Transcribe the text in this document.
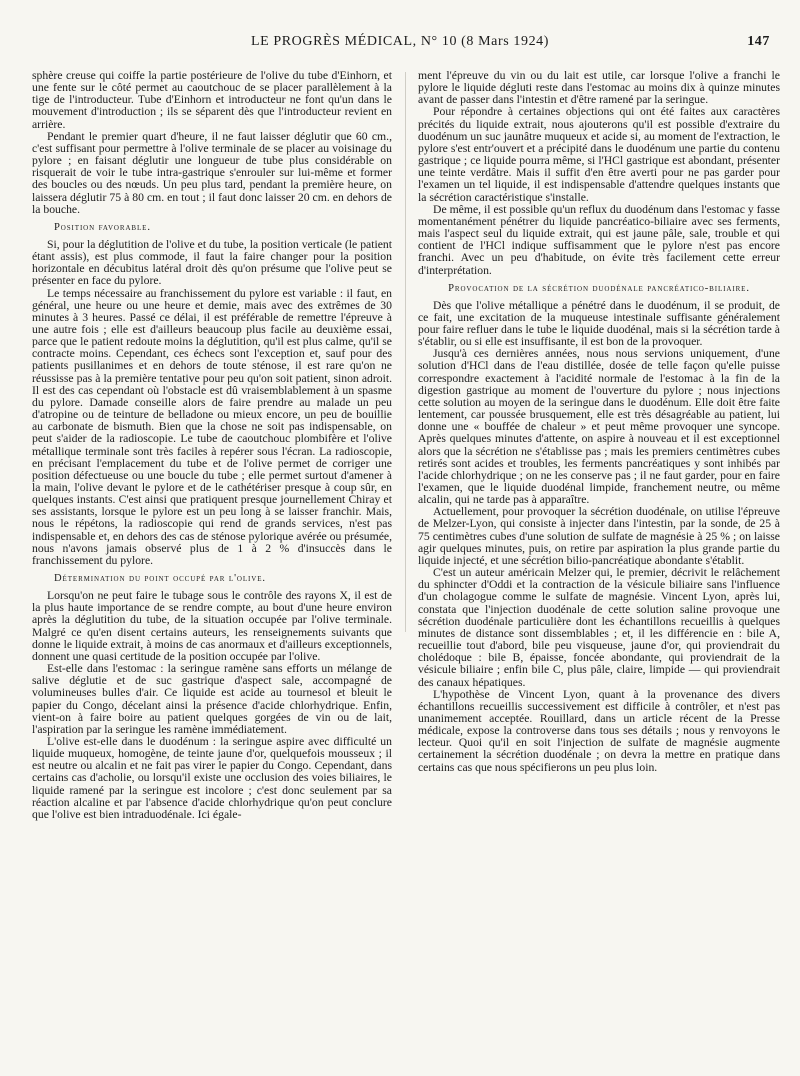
LE PROGRÈS MÉDICAL, N° 10 (8 Mars 1924)	147

sphère creuse qui coiffe la partie postérieure de l'olive du tube d'Einhorn, et une fente sur le côté permet au caoutchouc de se placer parallèlement à la tige de l'introducteur. Tube d'Einhorn et introducteur ne font qu'un dans le mouvement d'introduction ; ils se séparent dès que l'introducteur revient en arrière.

Pendant le premier quart d'heure, il ne faut laisser déglutir que 60 cm., c'est suffisant pour permettre à l'olive terminale de se placer au voisinage du pylore ; en faisant déglutir une longueur de tube plus considérable on risquerait de voir le tube intra-gastrique s'enrouler sur lui-même et former des boucles ou des nœuds. Un peu plus tard, pendant la première heure, on laissera déglutir 75 à 80 cm. en tout ; il faut donc laisser 20 cm. en dehors de la bouche.

Position favorable.

Si, pour la déglutition de l'olive et du tube, la position verticale (le patient étant assis), est plus commode, il faut la faire changer pour la position horizontale en décubitus latéral droit dès qu'on présume que l'olive peut se présenter en face du pylore.

Le temps nécessaire au franchissement du pylore est variable : il faut, en général, une heure ou une heure et demie, mais avec des extrêmes de 30 minutes à 3 heures. Passé ce délai, il est préférable de remettre l'épreuve à une autre fois ; elle est d'ailleurs beaucoup plus facile au deuxième essai, parce que le patient redoute moins la déglutition, qu'il est plus calme, qu'il se contracte moins. Cependant, ces échecs sont l'exception et, sauf pour des patients pusillanimes et en dehors de toute sténose, il est rare qu'on ne réussisse pas à la première tentative pour peu qu'on soit patient, sinon adroit. Il est des cas cependant où l'obstacle est dû vraisemblablement à un spasme du pylore. Damade conseille alors de faire prendre au malade un peu d'atropine ou de teinture de belladone ou mieux encore, un peu de bouillie au carbonate de bismuth. Bien que la chose ne soit pas indispensable, on peut s'aider de la radioscopie. Le tube de caoutchouc plombifère et l'olive métallique terminale sont très faciles à repérer sous l'écran. La radioscopie, en précisant l'emplacement du tube et de l'olive permet de corriger une position défectueuse ou une boucle du tube ; elle permet surtout d'amener à la main, l'olive devant le pylore et de le cathétériser presque à coup sûr, en quelques instants. C'est ainsi que pratiquent presque journellement Chiray et ses assistants, lorsque le pylore est un peu long à se laisser franchir. Mais, nous le répétons, la radioscopie qui rend de grands services, n'est pas indispensable et, en dehors des cas de sténose pylorique avérée ou présumée, nous n'avons jamais observé plus de 1 à 2 % d'insuccès dans le franchissement du pylore.

Détermination du point occupé par l'olive.

Lorsqu'on ne peut faire le tubage sous le contrôle des rayons X, il est de la plus haute importance de se rendre compte, au bout d'une heure environ après la déglutition du tube, de la situation occupée par l'olive terminale. Malgré ce qu'en disent certains auteurs, les renseignements suivants que donne le liquide extrait, à moins de cas anormaux et d'ailleurs exceptionnels, donnent une quasi certitude de la position occupée par l'olive.

Est-elle dans l'estomac : la seringue ramène sans efforts un mélange de salive déglutie et de suc gastrique d'aspect sale, accompagné de volumineuses bulles d'air. Ce liquide est acide au tournesol et bleuit le papier du Congo, décelant ainsi la présence d'acide chlorhydrique. Enfin, vient-on à faire boire au patient quelques gorgées de vin ou de lait, l'aspiration par la seringue les ramène immédiatement.

L'olive est-elle dans le duodénum : la seringue aspire avec difficulté un liquide muqueux, homogène, de teinte jaune d'or, quelquefois mousseux ; il est neutre ou alcalin et ne fait pas virer le papier du Congo. Cependant, dans certains cas d'acholie, ou lorsqu'il existe une occlusion des voies biliaires, le liquide ramené par la seringue est incolore ; c'est donc seulement par sa réaction alcaline et par l'absence d'acide chlorhydrique qu'on peut conclure que l'olive est bien intraduodénale. Ici égale-

ment l'épreuve du vin ou du lait est utile, car lorsque l'olive a franchi le pylore le liquide dégluti reste dans l'estomac au moins dix à quinze minutes avant de passer dans l'intestin et d'être ramené par la seringue.

Pour répondre à certaines objections qui ont été faites aux caractères précités du liquide extrait, nous ajouterons qu'il est possible d'extraire du duodénum un suc jaunâtre muqueux et acide si, au moment de l'extraction, le pylore s'est entr'ouvert et a précipité dans le duodénum une partie du contenu gastrique ; ce liquide pourra même, si l'HCl gastrique est abondant, présenter une teinte verdâtre. Mais il suffit d'en être averti pour ne pas garder pour l'examen un tel liquide, il est indispensable d'attendre quelques instants que la sécrétion caractéristique s'installe.

De même, il est possible qu'un reflux du duodénum dans l'estomac y fasse momentanément pénétrer du liquide pancréatico-biliaire avec ses ferments, mais l'aspect seul du liquide extrait, qui est jaune pâle, sale, trouble et qui contient de l'HCl indique suffisamment que le pylore n'est pas encore franchi. Avec un peu d'habitude, on évite très facilement cette erreur d'interprétation.

Provocation de la sécrétion duodénale pancréatico-biliaire.

Dès que l'olive métallique a pénétré dans le duodénum, il se produit, de ce fait, une excitation de la muqueuse intestinale suffisante généralement pour faire refluer dans le tube le liquide duodénal, mais si la sécrétion tarde à s'établir, ou si elle est insuffisante, il est bon de la provoquer.

Jusqu'à ces dernières années, nous nous servions uniquement, d'une solution d'HCl dans de l'eau distillée, dosée de telle façon qu'elle puisse correspondre exactement à l'acidité normale de l'estomac à la fin de la digestion gastrique au moment de l'ouverture du pylore ; nous injections cette solution au moyen de la seringue dans le duodénum. Elle doit être faite lentement, car poussée brusquement, elle est très désagréable au patient, lui donne une « bouffée de chaleur » et peut même provoquer une syncope. Après quelques minutes d'attente, on aspire à nouveau et il est exceptionnel alors que la sécrétion ne s'établisse pas ; mais les premiers centimètres cubes retirés sont acides et troubles, les ferments pancréatiques y sont inhibés par l'acide chlorhydrique ; on ne les conserve pas ; il ne faut garder, pour en faire l'examen, que le liquide duodénal limpide, franchement neutre, ou même alcalin, qui ne tarde pas à apparaître.

Actuellement, pour provoquer la sécrétion duodénale, on utilise l'épreuve de Melzer-Lyon, qui consiste à injecter dans l'intestin, par la sonde, de 25 à 75 centimètres cubes d'une solution de sulfate de magnésie à 25 % ; on laisse agir quelques minutes, puis, on retire par aspiration la plus grande partie du liquide injecté, et une sécrétion bilio-pancréatique abondante s'établit.

C'est un auteur américain Melzer qui, le premier, décrivit le relâchement du sphincter d'Oddi et la contraction de la vésicule biliaire sans l'influence d'un cholagogue comme le sulfate de magnésie. Vincent Lyon, après lui, constata que l'injection duodénale de cette solution saline provoque une sécrétion duodénale particulière dont les échantillons recueillis à quelques minutes de distance sont dissemblables ; et, il les différencie en : bile A, recueillie tout d'abord, bile peu visqueuse, jaune d'or, qui proviendrait du cholédoque : bile B, épaisse, foncée abondante, qui proviendrait de la vésicule biliaire ; enfin bile C, plus pâle, claire, limpide — qui proviendrait des canaux hépatiques.

L'hypothèse de Vincent Lyon, quant à la provenance des divers échantillons recueillis successivement est difficile à contrôler, et n'est pas unanimement acceptée. Rouillard, dans un article récent de la Presse médicale, expose la controverse dans tous ses détails ; nous y renvoyons le lecteur. Quoi qu'il en soit l'injection de sulfate de magnésie augmente certainement la sécrétion duodénale ; on devra la mettre en pratique dans certains cas que nous spécifierons un peu plus loin.
